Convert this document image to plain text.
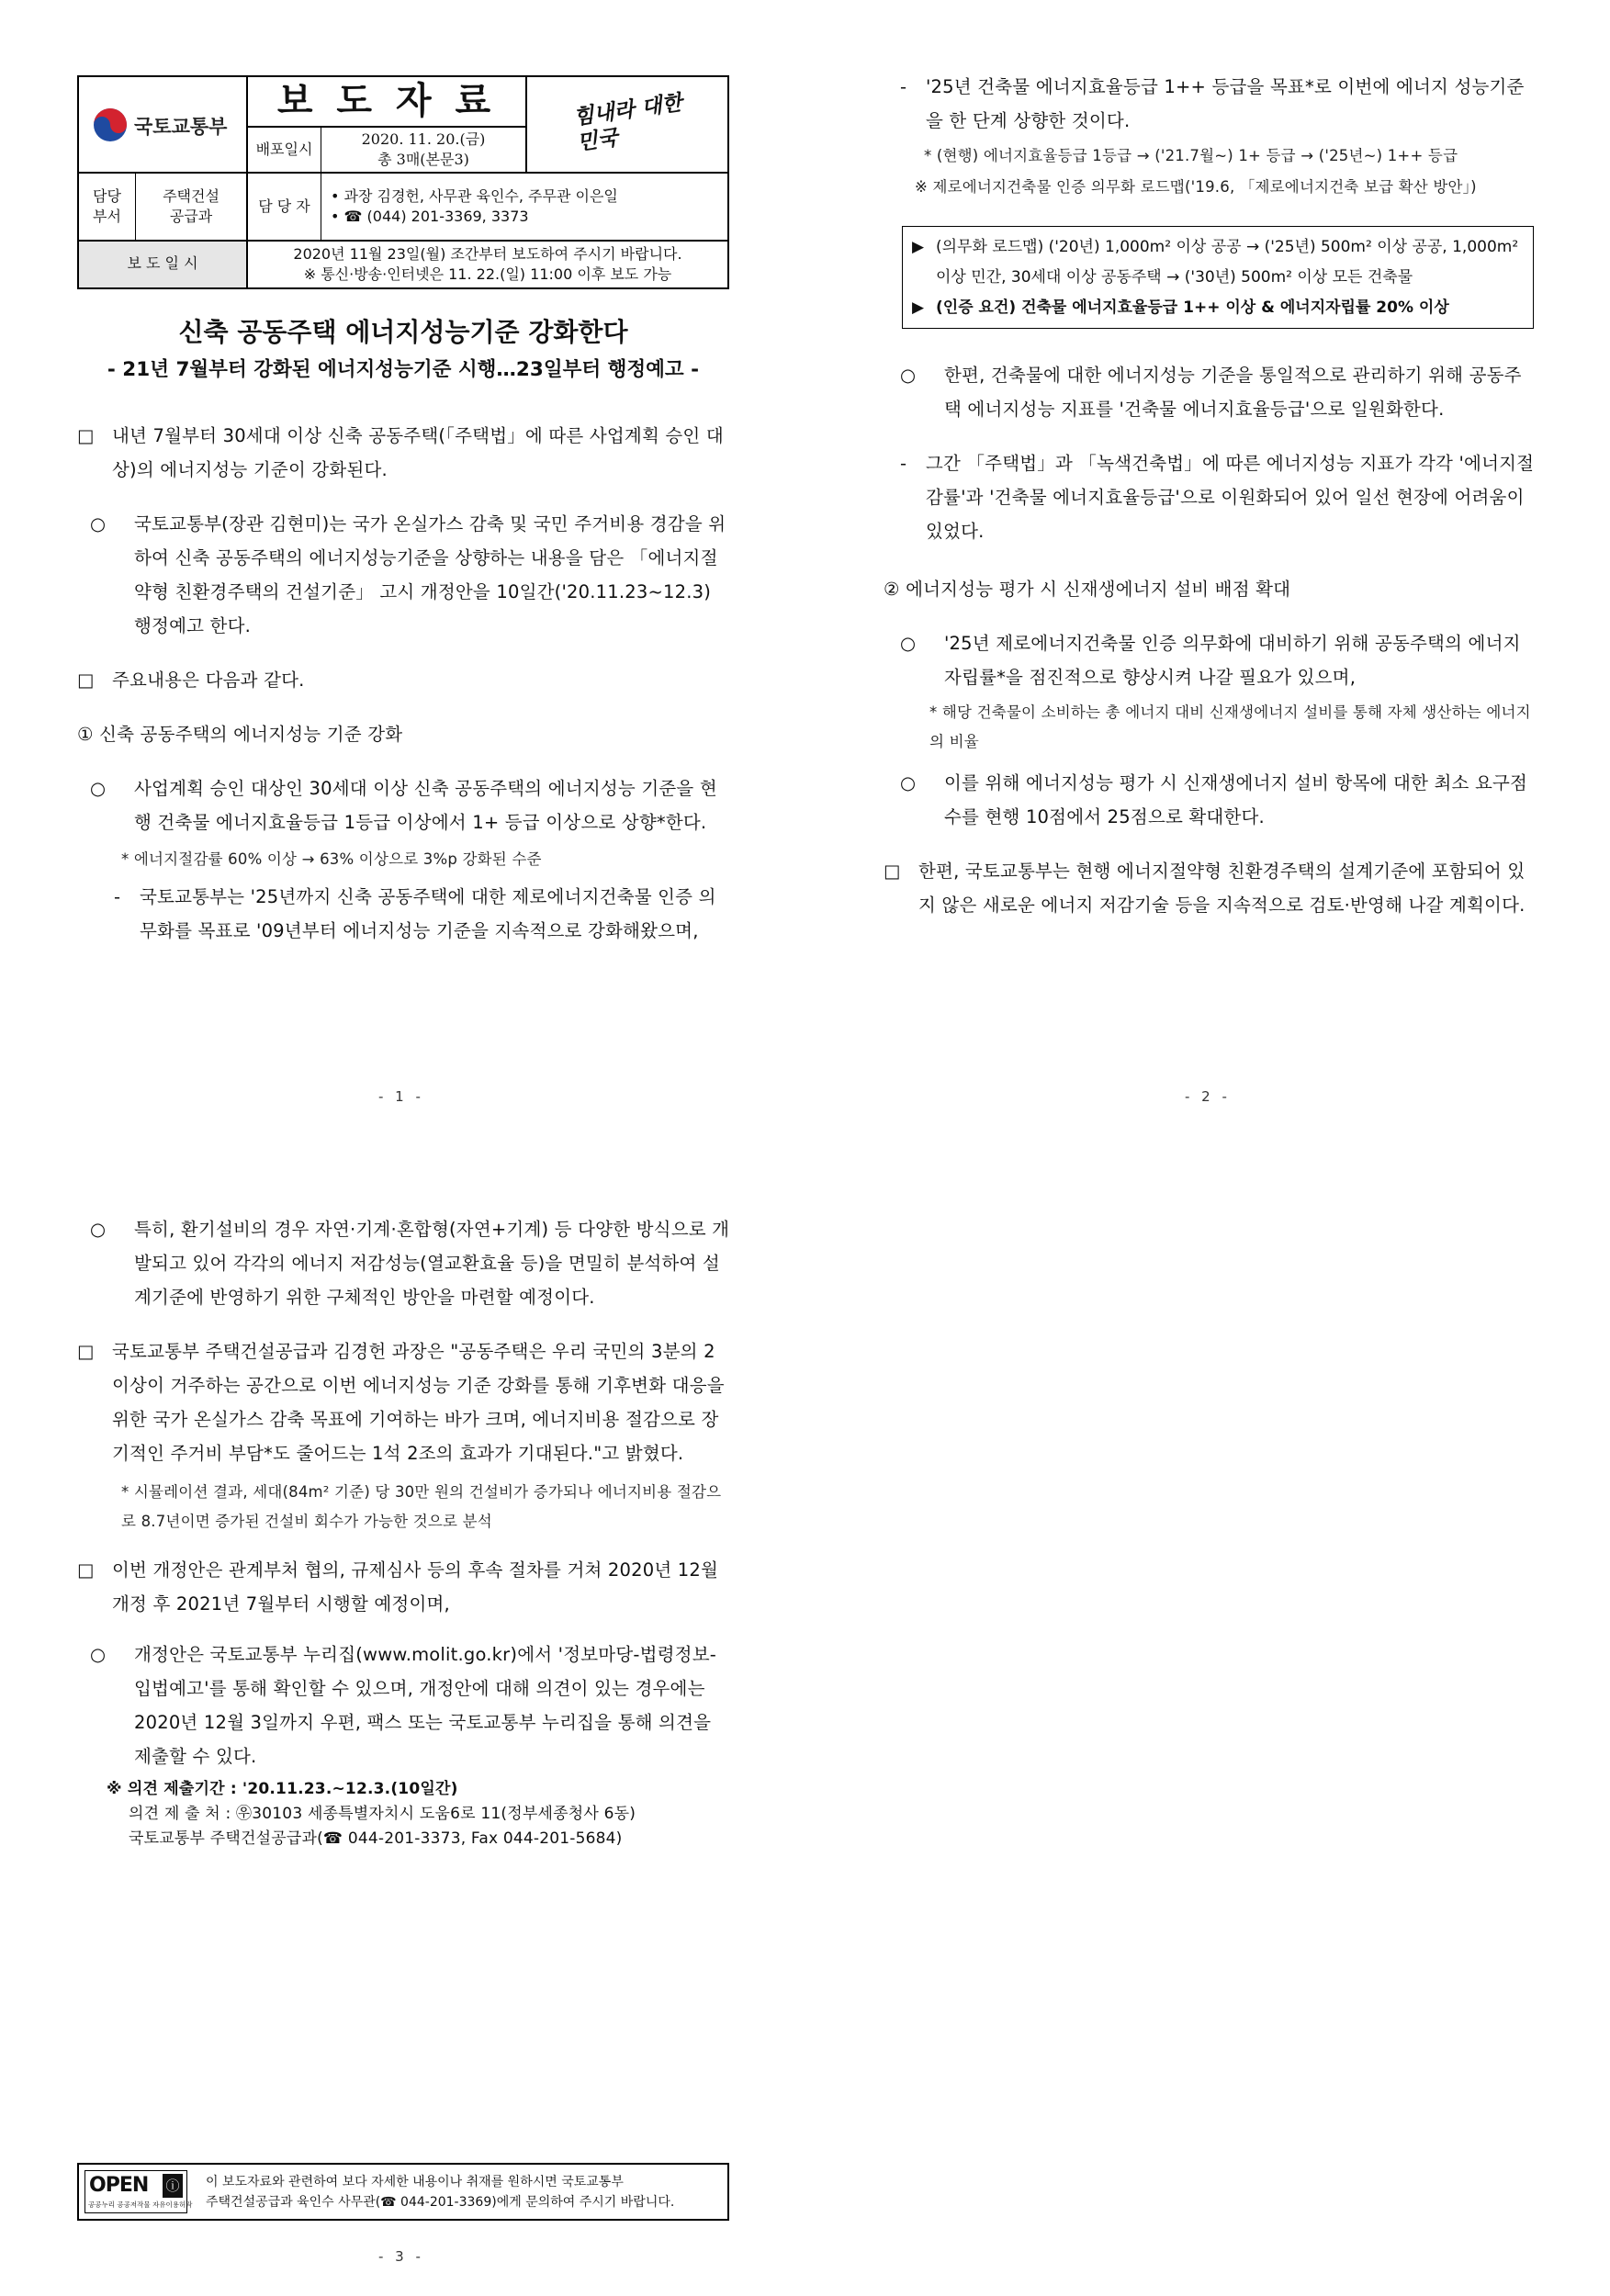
국토교통부
보 도 자 료
배포일시
2020. 11. 20.(금)
총 3매(본문3)
힘내라 대한민국
담당 부서
주택건설 공급과
담 당 자
• 과장 김경헌, 사무관 육인수, 주무관 이은일
• ☎ (044) 201-3369, 3373
보 도 일 시
2020년 11월 23일(월) 조간부터 보도하여 주시기 바랍니다.
※ 통신·방송·인터넷은 11. 22.(일) 11:00 이후 보도 가능
신축 공동주택 에너지성능기준 강화한다
- 21년 7월부터 강화된 에너지성능기준 시행…23일부터 행정예고 -

□ 내년 7월부터 30세대 이상 신축 공동주택(「주택법」에 따른 사업계획 승인 대상)의 에너지성능 기준이 강화된다.

○ 국토교통부(장관 김현미)는 국가 온실가스 감축 및 국민 주거비용 경감을 위하여 신축 공동주택의 에너지성능기준을 상향하는 내용을 담은 「에너지절약형 친환경주택의 건설기준」 고시 개정안을 10일간('20.11.23~12.3) 행정예고 한다.

□ 주요내용은 다음과 같다.

① 신축 공동주택의 에너지성능 기준 강화

○ 사업계획 승인 대상인 30세대 이상 신축 공동주택의 에너지성능 기준을 현행 건축물 에너지효율등급 1등급 이상에서 1+ 등급 이상으로 상향*한다.

* 에너지절감률 60% 이상 → 63% 이상으로 3%p 강화된 수준

- 국토교통부는 '25년까지 신축 공동주택에 대한 제로에너지건축물 인증 의무화를 목표로 '09년부터 에너지성능 기준을 지속적으로 강화해왔으며,

- 1 -

- '25년 건축물 에너지효율등급 1++ 등급을 목표*로 이번에 에너지 성능기준을 한 단계 상향한 것이다.

* (현행) 에너지효율등급 1등급 → ('21.7월~) 1+ 등급 → ('25년~) 1++ 등급

※ 제로에너지건축물 인증 의무화 로드맵('19.6, 「제로에너지건축 보급 확산 방안」)

▶ (의무화 로드맵) ('20년) 1,000m² 이상 공공 → ('25년) 500m² 이상 공공, 1,000m² 이상 민간, 30세대 이상 공동주택 → ('30년) 500m² 이상 모든 건축물
▶ (인증 요건) 건축물 에너지효율등급 1++ 이상 & 에너지자립률 20% 이상

○ 한편, 건축물에 대한 에너지성능 기준을 통일적으로 관리하기 위해 공동주택 에너지성능 지표를 '건축물 에너지효율등급'으로 일원화한다.

- 그간 「주택법」과 「녹색건축법」에 따른 에너지성능 지표가 각각 '에너지절감률'과 '건축물 에너지효율등급'으로 이원화되어 있어 일선 현장에 어려움이 있었다.

② 에너지성능 평가 시 신재생에너지 설비 배점 확대

○ '25년 제로에너지건축물 인증 의무화에 대비하기 위해 공동주택의 에너지자립률*을 점진적으로 향상시켜 나갈 필요가 있으며,

* 해당 건축물이 소비하는 총 에너지 대비 신재생에너지 설비를 통해 자체 생산하는 에너지의 비율

○ 이를 위해 에너지성능 평가 시 신재생에너지 설비 항목에 대한 최소 요구점수를 현행 10점에서 25점으로 확대한다.

□ 한편, 국토교통부는 현행 에너지절약형 친환경주택의 설계기준에 포함되어 있지 않은 새로운 에너지 저감기술 등을 지속적으로 검토·반영해 나갈 계획이다.

- 2 -

○ 특히, 환기설비의 경우 자연·기계·혼합형(자연+기계) 등 다양한 방식으로 개발되고 있어 각각의 에너지 저감성능(열교환효율 등)을 면밀히 분석하여 설계기준에 반영하기 위한 구체적인 방안을 마련할 예정이다.

□ 국토교통부 주택건설공급과 김경헌 과장은 "공동주택은 우리 국민의 3분의 2 이상이 거주하는 공간으로 이번 에너지성능 기준 강화를 통해 기후변화 대응을 위한 국가 온실가스 감축 목표에 기여하는 바가 크며, 에너지비용 절감으로 장기적인 주거비 부담*도 줄어드는 1석 2조의 효과가 기대된다."고 밝혔다.

* 시뮬레이션 결과, 세대(84m² 기준) 당 30만 원의 건설비가 증가되나 에너지비용 절감으로 8.7년이면 증가된 건설비 회수가 가능한 것으로 분석

□ 이번 개정안은 관계부처 협의, 규제심사 등의 후속 절차를 거쳐 2020년 12월 개정 후 2021년 7월부터 시행할 예정이며,

○ 개정안은 국토교통부 누리집(www.molit.go.kr)에서 '정보마당-법령정보-입법예고'를 통해 확인할 수 있으며, 개정안에 대해 의견이 있는 경우에는 2020년 12월 3일까지 우편, 팩스 또는 국토교통부 누리집을 통해 의견을 제출할 수 있다.

※ 의견 제출기간 : '20.11.23.~12.3.(10일간)
의견 제 출 처 : ㉾30103 세종특별자치시 도움6로 11(정부세종청사 6동)
국토교통부 주택건설공급과(☎ 044-201-3373, Fax 044-201-5684)
OPEN ⓘ
공공누리 공공저작물 자유이용허락
이 보도자료와 관련하여 보다 자세한 내용이나 취재를 원하시면 국토교통부
주택건설공급과 육인수 사무관(☎ 044-201-3369)에게 문의하여 주시기 바랍니다.
- 3 -
